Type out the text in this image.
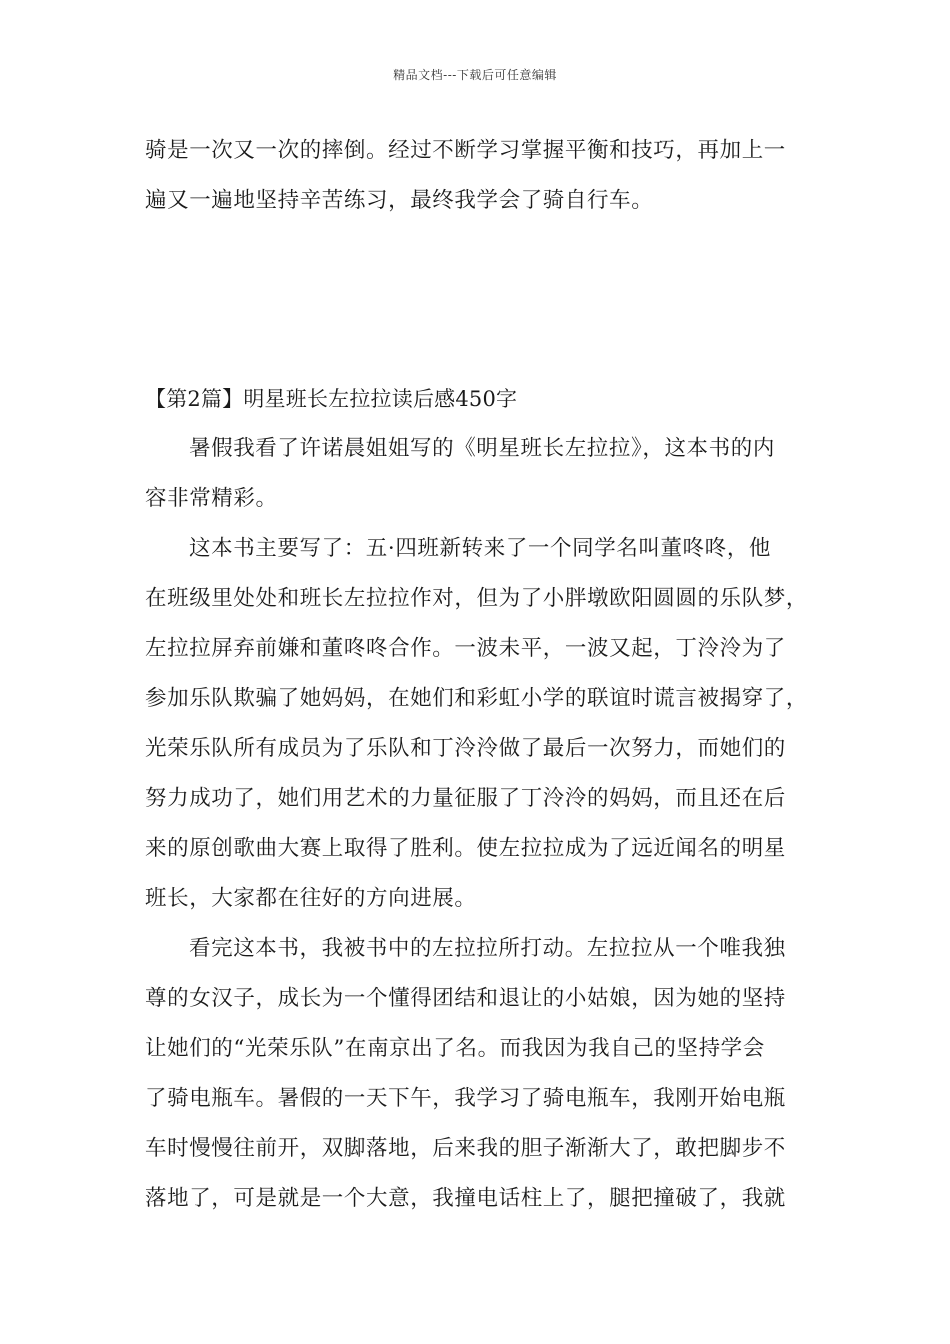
精品文档---下载后可任意编辑
骑是一次又一次的摔倒。经过不断学习掌握平衡和技巧，再加上一
遍又一遍地坚持辛苦练习，最终我学会了骑自行车。
【第2篇】明星班长左拉拉读后感450字
暑假我看了许诺晨姐姐写的《明星班长左拉拉》，这本书的内
容非常精彩。
这本书主要写了：五·四班新转来了一个同学名叫董咚咚，他
在班级里处处和班长左拉拉作对，但为了小胖墩欧阳圆圆的乐队梦，
左拉拉屏弃前嫌和董咚咚合作。一波未平，一波又起，丁泠泠为了
参加乐队欺骗了她妈妈，在她们和彩虹小学的联谊时谎言被揭穿了，
光荣乐队所有成员为了乐队和丁泠泠做了最后一次努力，而她们的
努力成功了，她们用艺术的力量征服了丁泠泠的妈妈，而且还在后
来的原创歌曲大赛上取得了胜利。使左拉拉成为了远近闻名的明星
班长，大家都在往好的方向进展。
看完这本书，我被书中的左拉拉所打动。左拉拉从一个唯我独
尊的女汉子，成长为一个懂得团结和退让的小姑娘，因为她的坚持
让她们的“光荣乐队”在南京出了名。而我因为我自己的坚持学会
了骑电瓶车。暑假的一天下午，我学习了骑电瓶车，我刚开始电瓶
车时慢慢往前开，双脚落地，后来我的胆子渐渐大了，敢把脚步不
落地了，可是就是一个大意，我撞电话柱上了，腿把撞破了，我就
